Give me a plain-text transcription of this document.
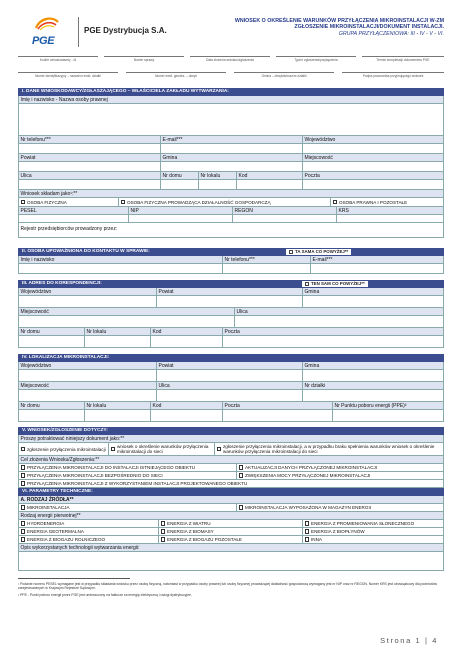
PGE
PGE Dystrybucja S.A.
WNIOSEK O OKREŚLENIE WARUNKÓW PRZYŁĄCZENIA MIKROINSTALACJI W-ZM
ZGŁOSZENIE MIKROINSTALACJI/DOKUMENT INSTALACJI.
GRUPA PRZYŁĄCZENIOWA: III - IV - V - VI.
Kod/nr wnioskodawcy - Id	Numer sprawy	Data złożenia wniosku/zgłoszenia	Typ/nr zgłoszenia/przyłączenia	Termin kompletacji dokumentów PGE
Numer identyfikacyjny – nazwa/nr ewid. działki	Numer ewid. geodez. – obręb	Gmina – obręb/arkusz/nr działki	Podpis pracownika przyjmującego wniosek
I. DANE WNIOSKODAWCY/ZGŁASZAJĄCEGO – WŁAŚCICIELA ZAKŁADU WYTWARZANIA:
Imię i nazwisko - Nazwa osoby prawnej
Nr telefonu***	E-mail***	Województwo
Powiat	Gmina	Miejscowość
Ulica	Nr domu	Nr lokalu	Kod	Poczta
Wniosek składam jako¹:**
OSOBA FIZYCZNA	OSOBA FIZYCZNA PROWADZĄCA DZIAŁALNOŚĆ GOSPODARCZĄ	OSOBA PRAWNA I POZOSTAŁE
PESEL	NIP	REGON	KRS
Rejestr przedsiębiorców prowadzony przez:
II. OSOBA UPOWAŻNIONA DO KONTAKTU W SPRAWIE:	TA SAMA CO POWYŻEJ**
Imię i nazwisko	Nr telefonu***	E-mail***
III. ADRES DO KORESPONDENCJI:	TEN SAM CO POWYŻEJ**
Województwo	Powiat	Gmina
Miejscowość	Ulica
Nr domu	Nr lokalu	Kod	Poczta
IV. LOKALIZACJA MIKROINSTALACJI:
Województwo	Powiat	Gmina
Miejscowość	Ulica	Nr działki
Nr domu	Nr lokalu	Kod	Poczta	Nr Punktu poboru energii (PPE)²
V. WNIOSEK/ZGŁOSZENIE DOTYCZY:
Proszę potraktować niniejszy dokument jako:**
zgłoszenie przyłączenia mikroinstalacji wniosek o określenie warunków przyłączenia mikroinstalacji do sieci
zgłoszenie przyłączenia mikroinstalacji, a w przypadku braku spełnienia warunków wniosek o określenie warunków przyłączenia mikroinstalacji do sieci
Cel złożenia Wniosku/Zgłoszenia:**
PRZYŁĄCZENIA MIKROINSTALACJI DO INSTALACJI ISTNIEJĄCEGO OBIEKTU	AKTUALIZACJI DANYCH PRZYŁĄCZONEJ MIKROINSTALACJI
PRZYŁĄCZENIA MIKROINSTALACJI BEZPOŚREDNIO DO SIECI	ZWIĘKSZENIA MOCY PRZYŁĄCZONEJ MIKROINSTALACJI
PRZYŁĄCZENIA MIKROINSTALACJI Z WYKORZYSTANIEM INSTALACJI PROJEKTOWANEGO OBIEKTU
VI. PARAMETRY TECHNICZNE:
A. RODZAJ ŹRÓDŁA**
MIKROINSTALACJA	MIKROINSTALACJA WYPOSAŻONA W MAGAZYN ENERGII
Rodzaj energii pierwotnej**
HYDROENERGIA	ENERGIA Z WIATRU	ENERGIA Z PROMIENIOWANIA SŁONECZNEGO
ENERGIA GEOTERMALNA	ENERGIA Z BIOMASY	ENERGIA Z BIOPŁYNÓW
ENERGIA Z BIOGAZU ROLNICZEGO	ENERGIA Z BIOGAZU POZOSTAŁE	INNA
Opis wykorzystanych technologii wytwarzania energii:
¹ Podanie numeru PESEL wymagane jest w przypadku składania wniosku przez osobę fizyczną, natomiast w przypadku osoby prawnej lub osoby fizycznej prowadzącej działalność gospodarczą wymagany jest nr NIP oraz nr REGON. Numer KRS jest obowiązkowy dla podmiotów zarejestrowanych w Krajowym Rejestrze Sądowym.
² PPE - Punkt poboru energii przez PGE jest umieszczony na fakturze za energię elektryczną i usługi dystrybucyjne.
Strona 1 | 4
